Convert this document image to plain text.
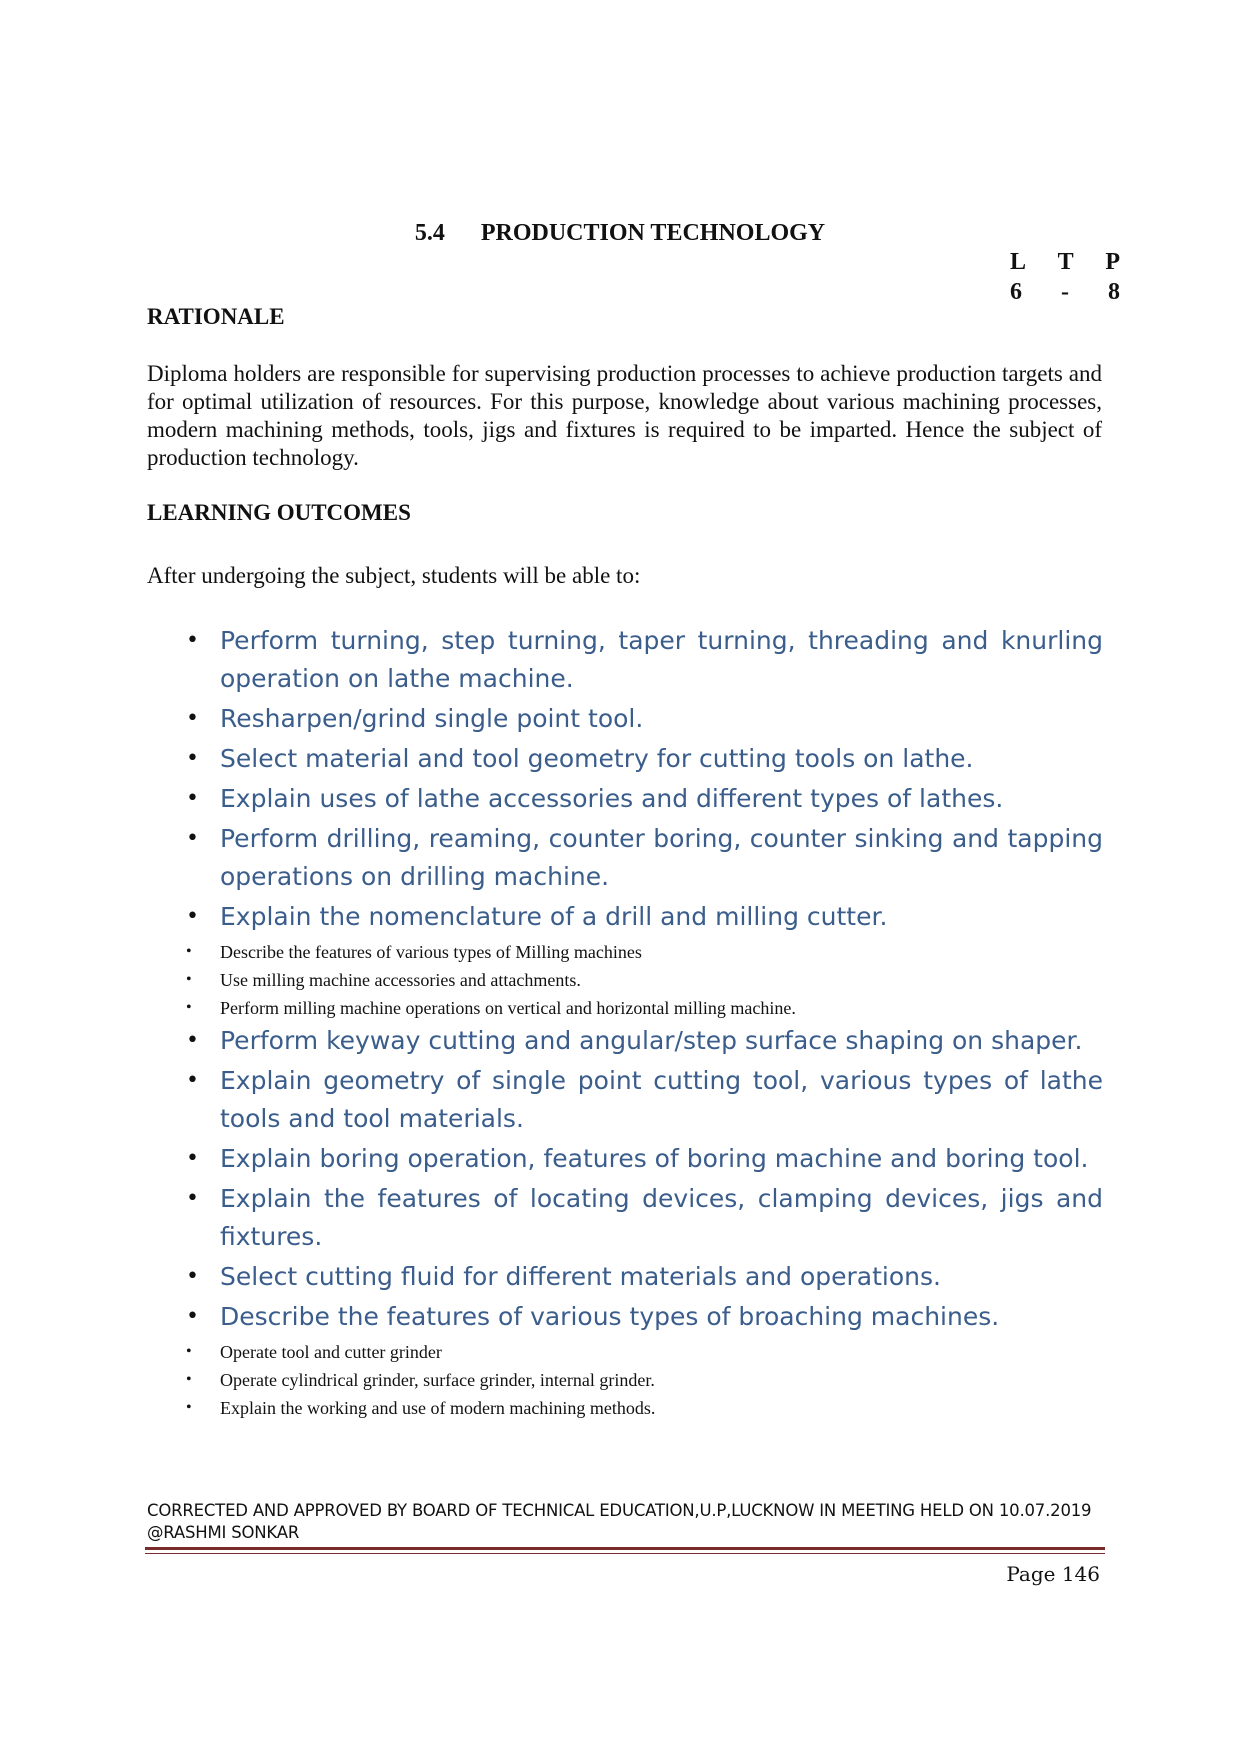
5.4 PRODUCTION TECHNOLOGY
L T P
6 - 8
RATIONALE
Diploma holders are responsible for supervising production processes to achieve production targets and for optimal utilization of resources. For this purpose, knowledge about various machining processes, modern machining methods, tools, jigs and fixtures is required to be imparted. Hence the subject of production technology.
LEARNING OUTCOMES
After undergoing the subject, students will be able to:
• Perform turning, step turning, taper turning, threading and knurling operation on lathe machine.
• Resharpen/grind single point tool.
• Select material and tool geometry for cutting tools on lathe.
• Explain uses of lathe accessories and different types of lathes.
• Perform drilling, reaming, counter boring, counter sinking and tapping operations on drilling machine.
• Explain the nomenclature of a drill and milling cutter.
• Describe the features of various types of Milling machines
• Use milling machine accessories and attachments.
• Perform milling machine operations on vertical and horizontal milling machine.
• Perform keyway cutting and angular/step surface shaping on shaper.
• Explain geometry of single point cutting tool, various types of lathe tools and tool materials.
• Explain boring operation, features of boring machine and boring tool.
• Explain the features of locating devices, clamping devices, jigs and fixtures.
• Select cutting fluid for different materials and operations.
• Describe the features of various types of broaching machines.
• Operate tool and cutter grinder
• Operate cylindrical grinder, surface grinder, internal grinder.
• Explain the working and use of modern machining methods.
CORRECTED AND APPROVED BY BOARD OF TECHNICAL EDUCATION,U.P,LUCKNOW IN MEETING HELD ON 10.07.2019 @RASHMI SONKAR
Page 146
